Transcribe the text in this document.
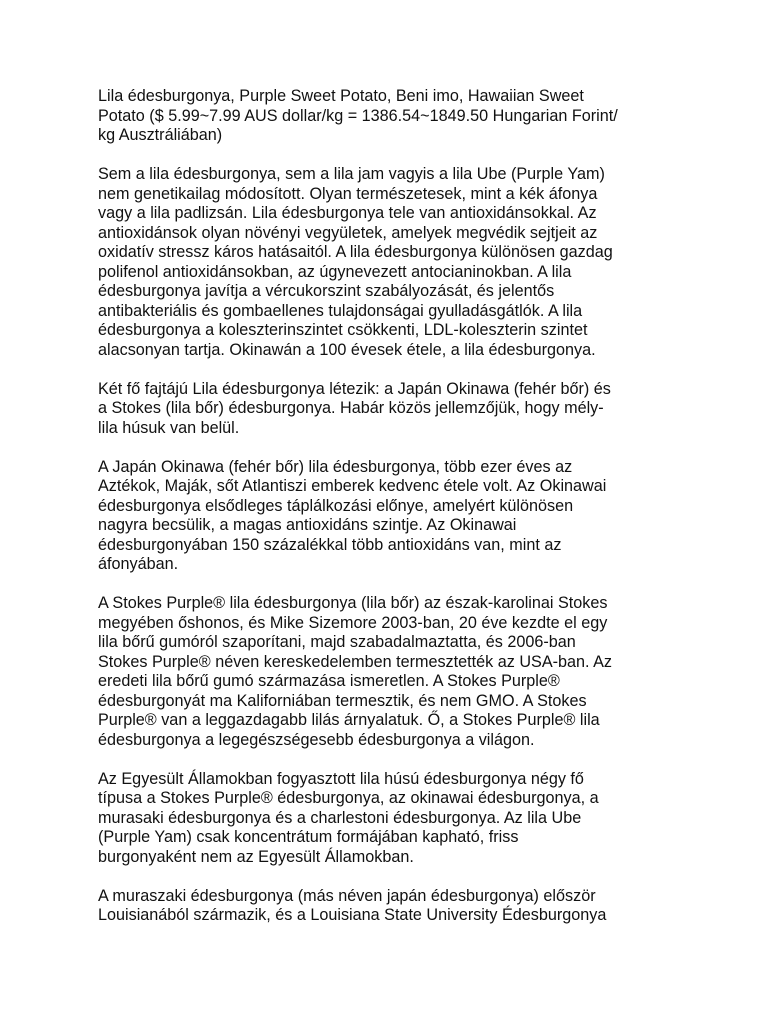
Lila édesburgonya, Purple Sweet Potato, Beni imo, Hawaiian Sweet
Potato ($ 5.99~7.99 AUS dollar/kg = 1386.54~1849.50 Hungarian Forint/
kg Ausztráliában)
Sem a lila édesburgonya, sem a lila jam vagyis a lila Ube (Purple Yam)
nem genetikailag módosított. Olyan természetesek, mint a kék áfonya
vagy a lila padlizsán. Lila édesburgonya tele van antioxidánsokkal. Az
antioxidánsok olyan növényi vegyületek, amelyek megvédik sejtjeit az
oxidatív stressz káros hatásaitól. A lila édesburgonya különösen gazdag
polifenol antioxidánsokban, az úgynevezett antocianinokban. A lila
édesburgonya javítja a vércukorszint szabályozását, és jelentős
antibakteriális és gombaellenes tulajdonságai gyulladásgátlók. A lila
édesburgonya a koleszterinszintet csökkenti, LDL-koleszterin szintet
alacsonyan tartja. Okinawán a 100 évesek étele, a lila édesburgonya.
Két fő fajtájú Lila édesburgonya létezik: a Japán Okinawa (fehér bőr) és
a Stokes (lila bőr) édesburgonya. Habár közös jellemzőjük, hogy mély-
lila húsuk van belül.
A Japán Okinawa (fehér bőr) lila édesburgonya, több ezer éves az
Aztékok, Maják, sőt Atlantiszi emberek kedvenc étele volt. Az Okinawai
édesburgonya elsődleges táplálkozási előnye, amelyért különösen
nagyra becsülik, a magas antioxidáns szintje. Az Okinawai
édesburgonyában 150 százalékkal több antioxidáns van, mint az
áfonyában.
A Stokes Purple® lila édesburgonya (lila bőr) az észak-karolinai Stokes
megyében őshonos, és Mike Sizemore 2003-ban, 20 éve kezdte el egy
lila bőrű gumóról szaporítani, majd szabadalmaztatta, és 2006-ban
Stokes Purple® néven kereskedelemben termesztették az USA-ban. Az
eredeti lila bőrű gumó származása ismeretlen. A Stokes Purple®
édesburgonyát ma Kaliforniában termesztik, és nem GMO. A Stokes
Purple® van a leggazdagabb lilás árnyalatuk. Ő, a Stokes Purple® lila
édesburgonya a legegészségesebb édesburgonya a világon.
Az Egyesült Államokban fogyasztott lila húsú édesburgonya négy fő
típusa a Stokes Purple® édesburgonya, az okinawai édesburgonya, a
murasaki édesburgonya és a charlestoni édesburgonya. Az lila Ube
(Purple Yam) csak koncentrátum formájában kapható, friss
burgonyaként nem az Egyesült Államokban.
A muraszaki édesburgonya (más néven japán édesburgonya) először
Louisianából származik, és a Louisiana State University Édesburgonya
